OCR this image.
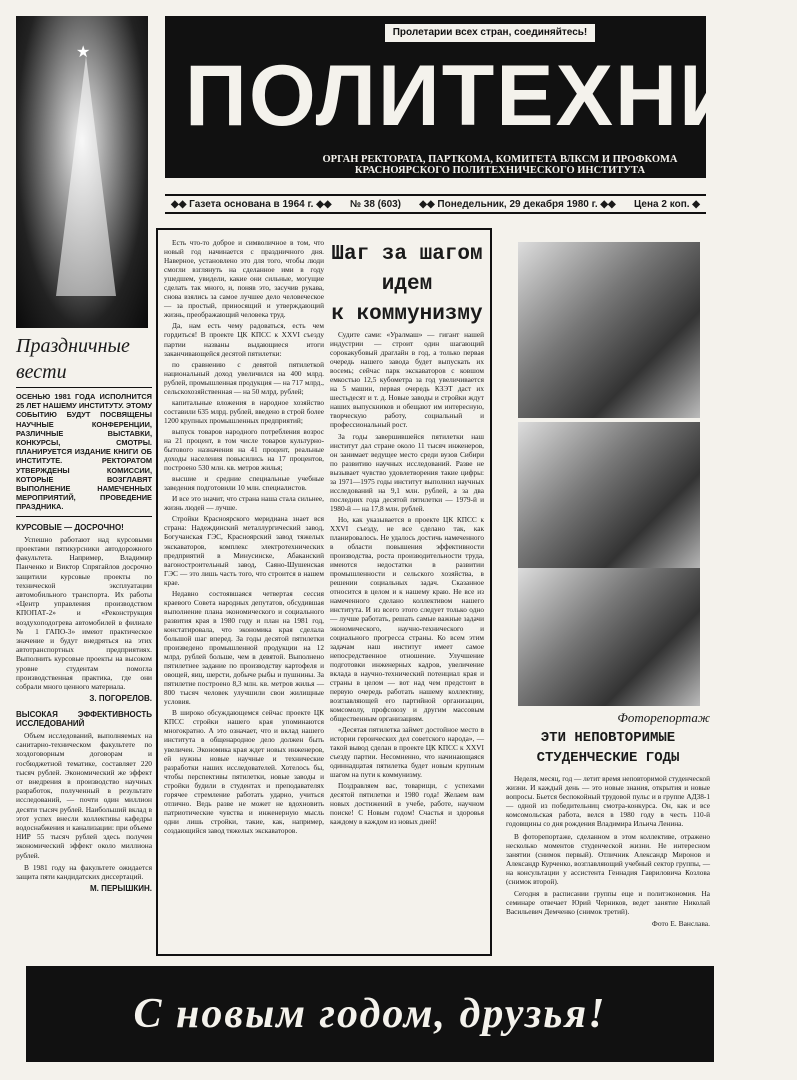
★
Пролетарии всех стран, соединяйтесь!
ПОЛИТЕХНИК
ОРГАН РЕКТОРАТА, ПАРТКОМА, КОМИТЕТА ВЛКСМ И ПРОФКОМА КРАСНОЯРСКОГО ПОЛИТЕХНИЧЕСКОГО ИНСТИТУТА
◆◆ Газета основана в 1964 г. ◆◆ № 38 (603) ◆◆ Понедельник, 29 декабря 1980 г. ◆◆ Цена 2 коп. ◆
Праздничные
вести
ОСЕНЬЮ 1981 ГОДА ИСПОЛНИТСЯ 25 ЛЕТ НАШЕМУ ИНСТИТУТУ. ЭТОМУ СОБЫТИЮ БУДУТ ПОСВЯЩЕНЫ НАУЧНЫЕ КОНФЕРЕНЦИИ, РАЗЛИЧНЫЕ ВЫСТАВКИ, КОНКУРСЫ, СМОТРЫ. ПЛАНИРУЕТСЯ ИЗДАНИЕ КНИГИ ОБ ИНСТИТУТЕ. РЕКТОРАТОМ УТВЕРЖДЕНЫ КОМИССИИ, КОТОРЫЕ ВОЗГЛАВЯТ ВЫПОЛНЕНИЕ НАМЕЧЕННЫХ МЕРОПРИЯТИЙ, ПРОВЕДЕНИЕ ПРАЗДНИКА.
КУРСОВЫЕ — ДОСРОЧНО!

Успешно работают над курсовыми проектами пятикурсники автодорожного факультета. Например, Владимир Панченко и Виктор Спрягайлов досрочно защитили курсовые проекты по технической эксплуатации автомобильного транспорта. Их работы «Центр управления производством КПОПАТ-2» и «Реконструкция воздухоподогрева автомобилей в филиале № 1 ГАПО-3» имеют практическое значение и будут внедряться на этих автотранспортных предприятиях. Выполнить курсовые проекты на высоком уровне студентам помогла производственная практика, где они собрали много ценного материала.

З. ПОГОРЕЛОВ.
ВЫСОКАЯ ЭФФЕКТИВНОСТЬ ИССЛЕДОВАНИЙ

Объем исследований, выполняемых на санитарно-техническом факультете по хоздоговорным договорам и госбюджетной тематике, составляет 220 тысяч рублей. Экономический же эффект от внедрения в производство научных разработок, полученный в результате исследований, — почти один миллион десяти тысяч рублей. Наибольший вклад в этот успех внесли коллективы кафедры водоснабжения и канализации: при объеме НИР 55 тысяч рублей здесь получен экономический эффект около миллиона рублей.

В 1981 году на факультете ожидается защита пяти кандидатских диссертаций.

М. ПЕРЫШКИН.

Есть что-то доброе и символичное в том, что новый год начинается с праздничного дня. Наверное, установлено это для того, чтобы люди смогли взглянуть на сделанное ими в году ушедшем, увидели, какие они сильные, могущие сделать так много, и, поняв это, засучив рукава, снова взялись за самое лучшее дело человеческое — за простый, приносящий и утверждающий жизнь, преображающий человека труд.

Да, нам есть чему радоваться, есть чем гордиться! В проекте ЦК КПСС к XXVI съезду партии названы выдающиеся итоги заканчивающейся десятой пятилетки:

по сравнению с девятой пятилеткой национальный доход увеличился на 400 млрд. рублей, промышленная продукция — на 717 млрд., сельскохозяйственная — на 50 млрд. рублей;

капитальные вложения в народное хозяйство составили 635 млрд. рублей, введено в строй более 1200 крупных промышленных предприятий;

выпуск товаров народного потребления возрос на 21 процент, в том числе товаров культурно-бытового назначения на 41 процент, реальные доходы населения повысились на 17 процентов, построено 530 млн. кв. метров жилья;

высшие и средние специальные учебные заведения подготовили 10 млн. специалистов.

И все это значит, что страна наша стала сильнее, жизнь людей — лучше.

Стройки Красноярского меридиана знает вся страна: Надеждинский металлургический завод, Богучанская ГЭС, Красноярский завод тяжелых экскаваторов, комплекс электротехнических предприятий в Минусинске, Абаканский вагоностроительный завод, Саяно-Шушенская ГЭС — это лишь часть того, что строится в нашем крае.

Недавно состоявшаяся четвертая сессия краевого Совета народных депутатов, обсудившая выполнение плана экономического и социального развития края в 1980 году и план на 1981 год, констатировала, что экономика края сделала большой шаг вперед. За годы десятой пятилетки произведено промышленной продукции на 12 млрд. рублей больше, чем в девятой. Выполнено пятилетнее задание по производству картофеля и овощей, яиц, шерсти, добыче рыбы и пушнины. За пятилетие построено 8,3 млн. кв. метров жилья — 800 тысяч человек улучшили свои жилищные условия.

В широко обсуждающемся сейчас проекте ЦК КПСС стройки нашего края упоминаются многократно. А это означает, что и вклад нашего института в общенародное дело должен быть увеличен. Экономика края ждет новых инженеров, ей нужны новые научные и технические разработки наших исследователей. Хотелось бы, чтобы перспективы пятилетки, новые заводы и стройки будили в студентах и преподавателях горячее стремление работать ударно, учиться отлично. Ведь разве не может не вдохновить патриотические чувства и инженерную мысль одни лишь стройки, такие, как, например, создающийся завод тяжелых экскаваторов.

Шаг за шагом
идем
к коммунизму

Судите сами: «Уралмаш» — гигант нашей индустрии — строит один шагающий сорокакубовый драглайн в год, а только первая очередь нашего завода будет выпускать их восемь; сейчас парк экскаваторов с ковшом емкостью 12,5 кубометра за год увеличивается на 5 машин, первая очередь КЗЭТ даст их шестьдесят и т. д. Новые заводы и стройки ждут наших выпускников и обещают им интересную, творческую работу, социальный и профессиональный рост.

За годы завершившейся пятилетки наш институт дал стране около 11 тысяч инженеров, он занимает ведущее место среди вузов Сибири по развитию научных исследований. Разве не вызывает чувство удовлетворения такие цифры: за 1971—1975 годы институт выполнил научных исследований на 9,1 млн. рублей, а за два последних года десятой пятилетки — 1979-й и 1980-й — на 17,8 млн. рублей.

Но, как указывается в проекте ЦК КПСС к XXVI съезду, не все сделано так, как планировалось. Не удалось достичь намеченного в области повышения эффективности производства, роста производительности труда, имеются недостатки в развитии промышленности и сельского хозяйства, в решении социальных задач. Сказанное относится в целом и к нашему краю. Не все из намеченного сделано коллективом нашего института. И из всего этого следует только одно — лучше работать, решать самые важные задачи экономического, научно-технического и социального прогресса страны. Ко всем этим задачам наш институт имеет самое непосредственное отношение. Улучшение подготовки инженерных кадров, увеличение вклада в научно-технический потенциал края и страны в целом — вот над чем предстоит в первую очередь работать нашему коллективу, возглавляющей его партийной организации, комсомолу, профсоюзу и другим массовым общественным организациям.

«Десятая пятилетка займет достойное место в истории героических дел советского народа», — такой вывод сделан в проекте ЦК КПСС к XXVI съезду партии. Несомненно, что начинающаяся одиннадцатая пятилетка будет новым крупным шагом на пути к коммунизму.

Поздравляем вас, товарищи, с успехами десятой пятилетки и 1980 года! Желаем вам новых достижений в учебе, работе, научном поиске! С Новым годом! Счастья и здоровья каждому в каждом из новых дней!

Фоторепортаж
ЭТИ НЕПОВТОРИМЫЕ
СТУДЕНЧЕСКИЕ ГОДЫ

Неделя, месяц, год — летит время неповторимой студенческой жизни. И каждый день — это новые знания, открытия и новые вопросы. Бьется беспокойный трудовой пульс и в группе АД38-1 — одной из победительниц смотра-конкурса. Он, как и все комсомольская работа, велся в 1980 году в честь 110-й годовщины со дня рождения Владимира Ильича Ленина.

В фоторепортаже, сделанном в этом коллективе, отражено несколько моментов студенческой жизни. Не интересном занятии (снимок первый). Отличник Александр Миронов и Александр Курченко, возглавляющий учебный сектор группы, — на консультации у ассистента Геннадия Гавриловича Козлова (снимок второй).

Сегодня в расписании группы еще и политэкономия. На семинаре отвечает Юрий Черников, ведет занятие Николай Васильевич Демченко (снимок третий).

Фото Е. Ванслава.
С новым годом, друзья!
